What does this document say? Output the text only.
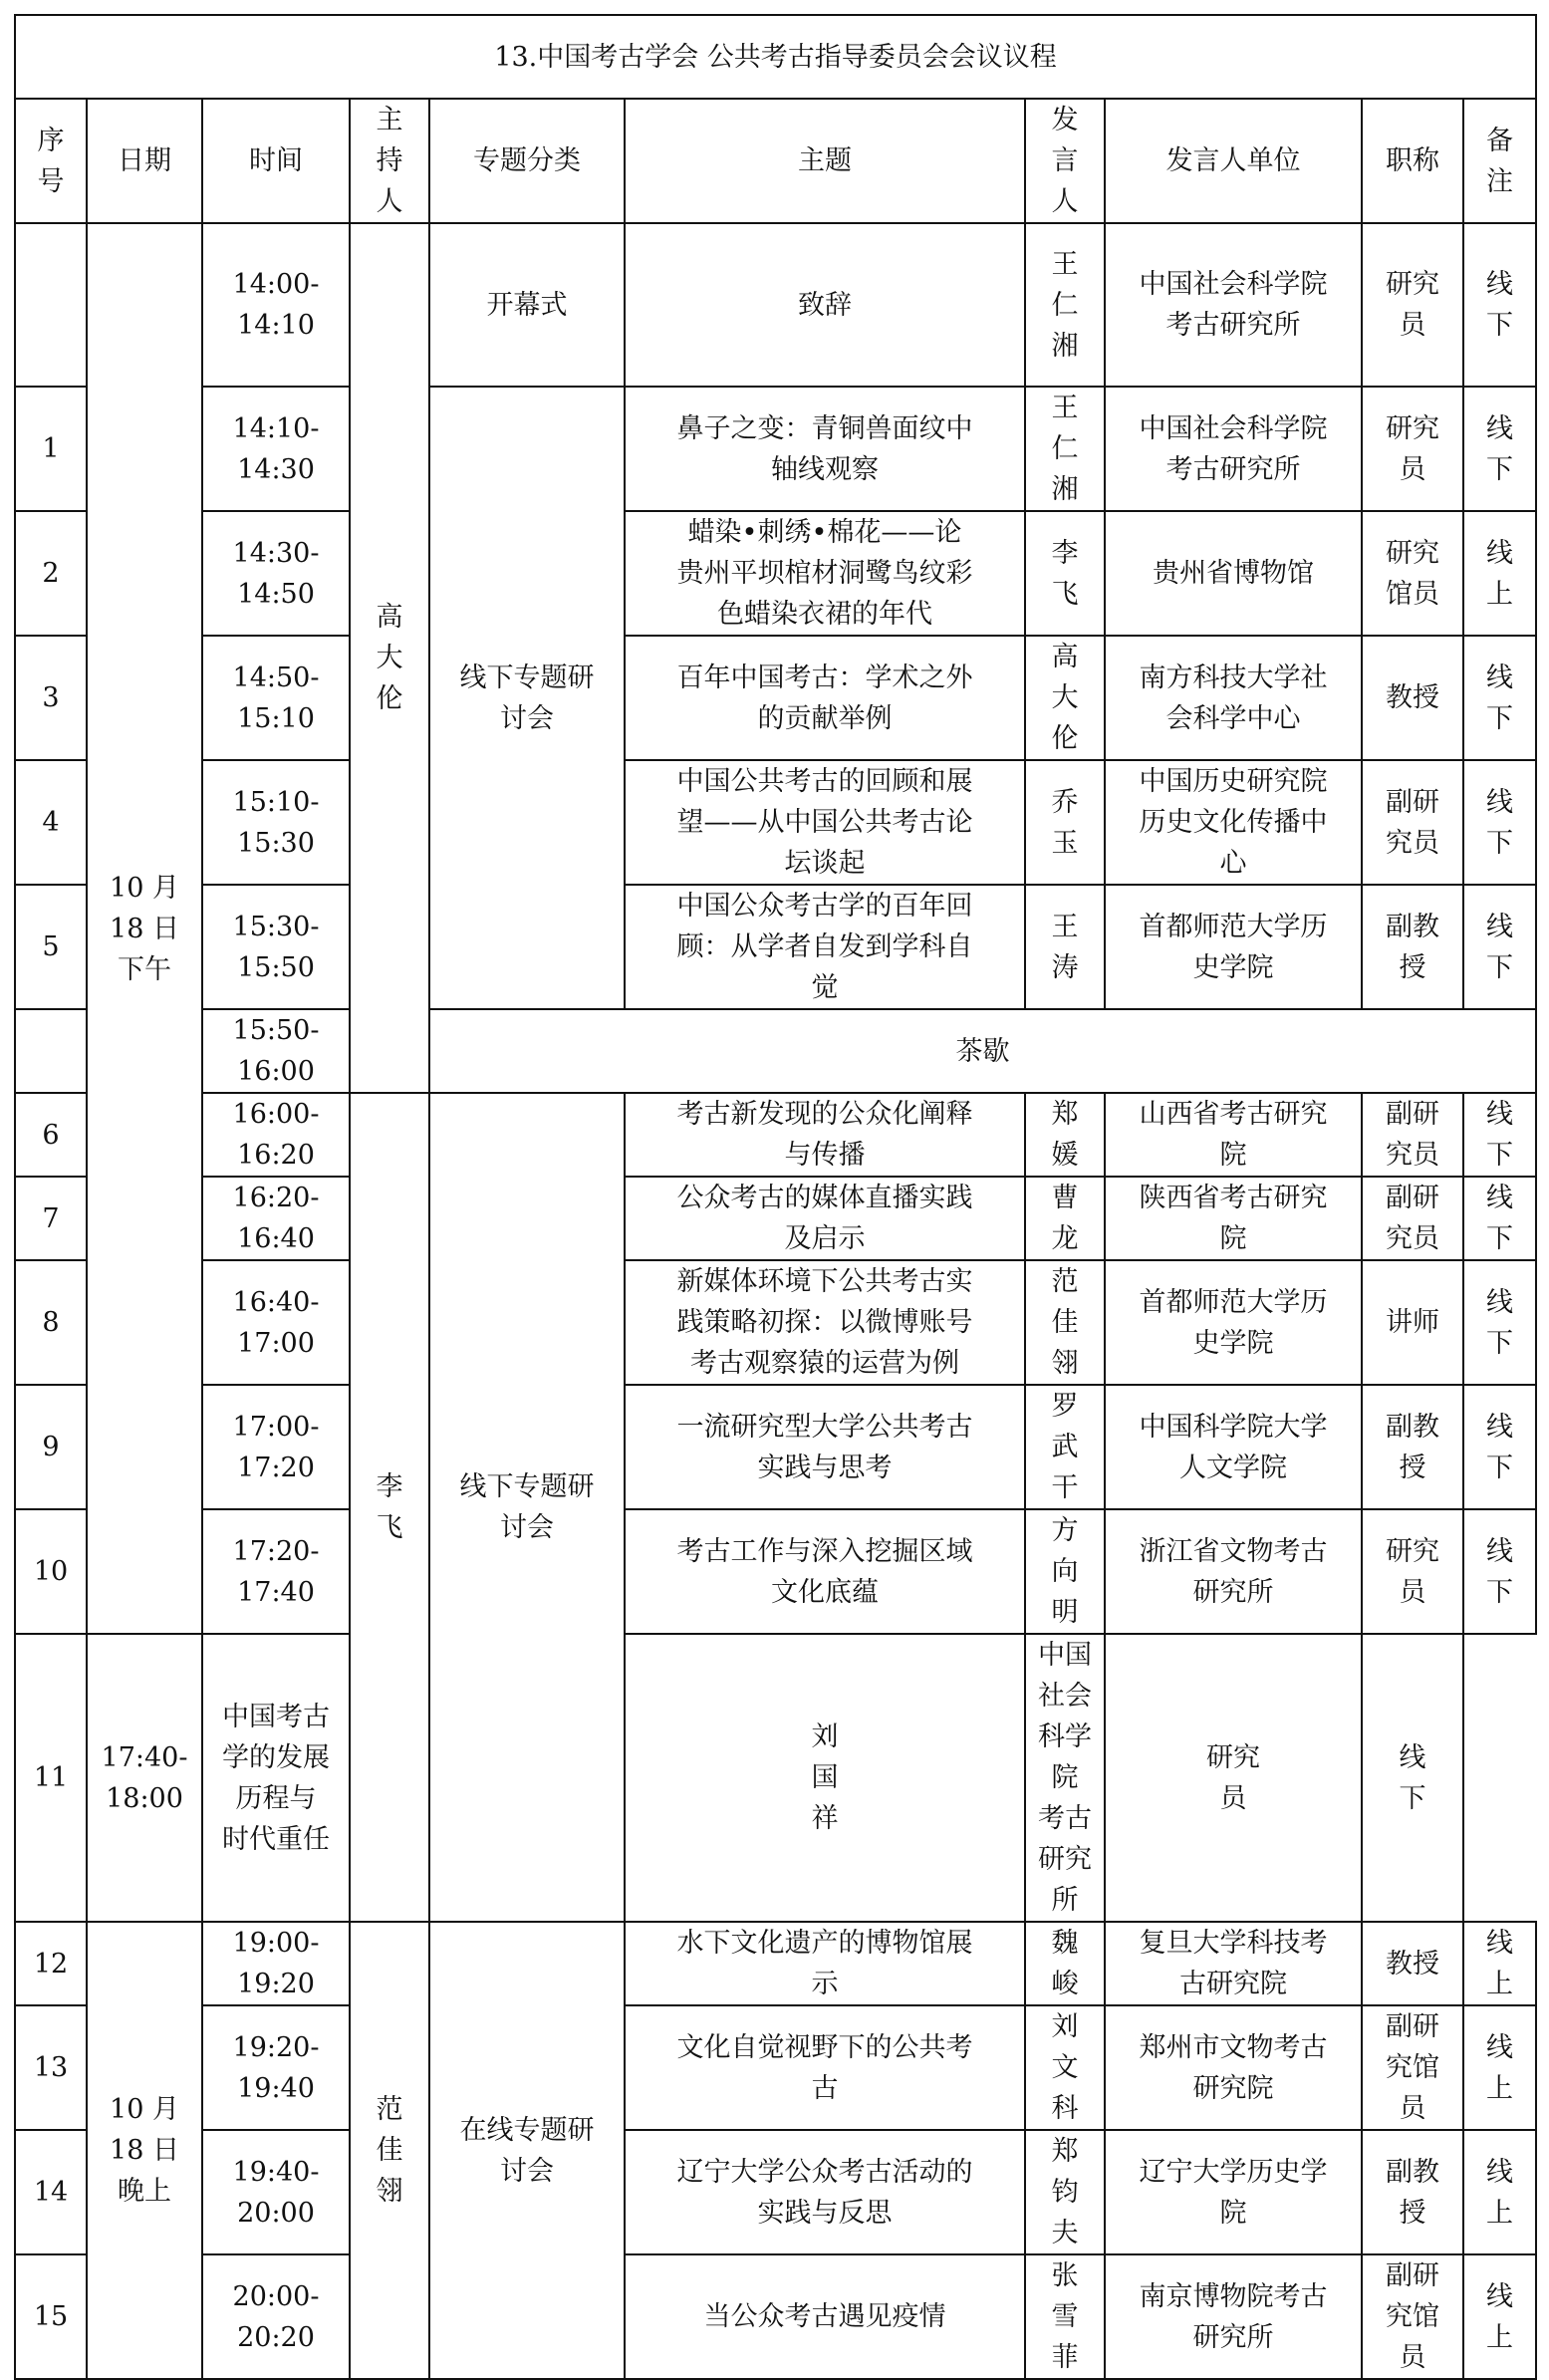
13.中国考古学会 公共考古指导委员会会议议程									
序
号	日期	时间	主
持
人	专题分类	主题	发
言
人	发言人单位	职称	备
注
	10 月
18 日
下午	14:00-
14:10	高
大
伦	开幕式	致辞	王
仁
湘	中国社会科学院
考古研究所	研究
员	线
下
1		14:10-
14:30		线下专题研
讨会	鼻子之变：青铜兽面纹中
轴线观察	王
仁
湘	中国社会科学院
考古研究所	研究
员	线
下
2		14:30-
14:50			蜡染•刺绣•棉花——论
贵州平坝棺材洞鹭鸟纹彩
色蜡染衣裙的年代	李
飞	贵州省博物馆	研究
馆员	线
上
3		14:50-
15:10			百年中国考古：学术之外
的贡献举例	高
大
伦	南方科技大学社
会科学中心	教授	线
下
4		15:10-
15:30			中国公共考古的回顾和展
望——从中国公共考古论
坛谈起	乔
玉	中国历史研究院
历史文化传播中
心	副研
究员	线
下
5		15:30-
15:50			中国公众考古学的百年回
顾：从学者自发到学科自
觉	王
涛	首都师范大学历
史学院	副教
授	线
下
		15:50-
16:00		茶歇					
6		16:00-
16:20	李
飞	线下专题研
讨会	考古新发现的公众化阐释
与传播	郑
媛	山西省考古研究
院	副研
究员	线
下
7		16:20-
16:40			公众考古的媒体直播实践
及启示	曹
龙	陕西省考古研究
院	副研
究员	线
下
8		16:40-
17:00			新媒体环境下公共考古实
践策略初探：以微博账号
考古观察猿的运营为例	范
佳
翎	首都师范大学历
史学院	讲师	线
下
9		17:00-
17:20			一流研究型大学公共考古
实践与思考	罗
武
干	中国科学院大学
人文学院	副教
授	线
下
10		17:20-
17:40			考古工作与深入挖掘区域
文化底蕴	方
向
明	浙江省文物考古
研究所	研究
员	线
下
11	17:40-
18:00	中国考古学的发展历程与
时代重任			刘
国
祥	中国社会科学院
考古研究所	研究
员	线
下	
12	10 月
18 日
晚上	19:00-
19:20	范
佳
翎	在线专题研
讨会	水下文化遗产的博物馆展
示	魏
峻	复旦大学科技考
古研究院	教授	线
上
13		19:20-
19:40			文化自觉视野下的公共考
古	刘
文
科	郑州市文物考古
研究院	副研
究馆
员	线
上
14		19:40-
20:00			辽宁大学公众考古活动的
实践与反思	郑
钧
夫	辽宁大学历史学
院	副教
授	线
上
15		20:00-
20:20			当公众考古遇见疫情	张
雪
菲	南京博物院考古
研究所	副研
究馆
员	线
上
